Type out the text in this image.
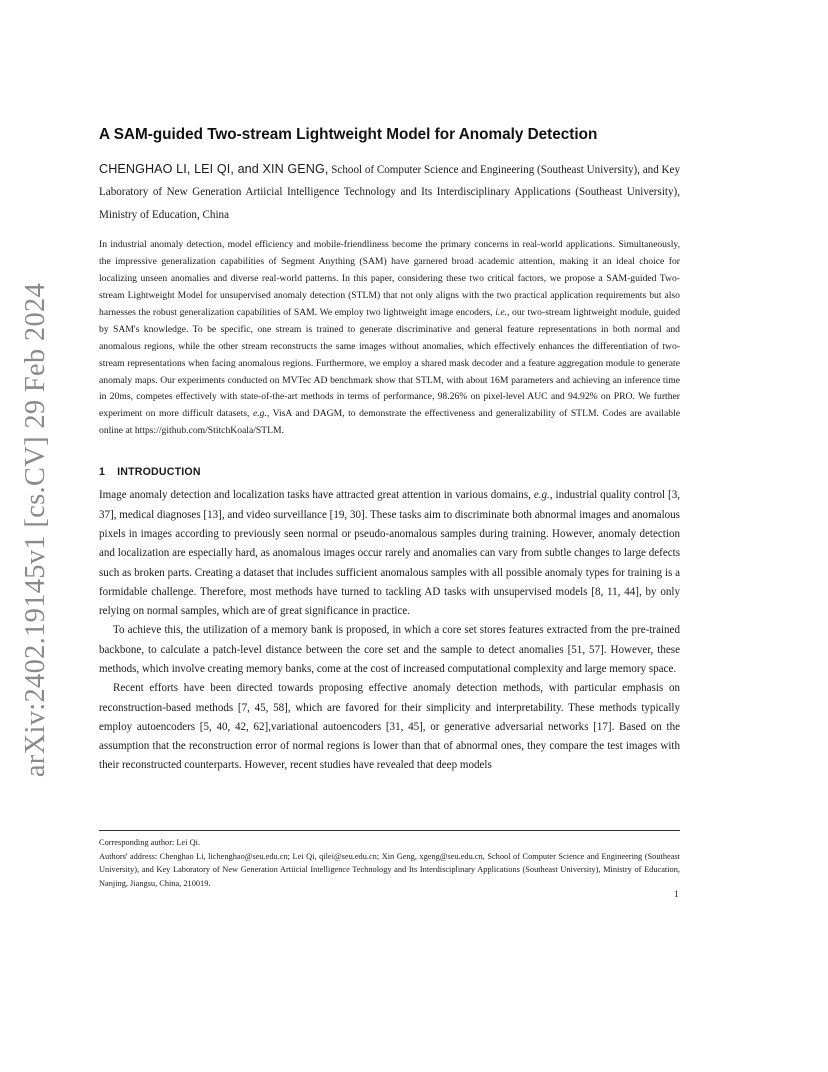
arXiv:2402.19145v1 [cs.CV] 29 Feb 2024
A SAM-guided Two-stream Lightweight Model for Anomaly Detection
CHENGHAO LI, LEI QI, and XIN GENG, School of Computer Science and Engineering (Southeast University), and Key Laboratory of New Generation Artiicial Intelligence Technology and Its Interdisciplinary Applications (Southeast University), Ministry of Education, China
In industrial anomaly detection, model efficiency and mobile-friendliness become the primary concerns in real-world applications. Simultaneously, the impressive generalization capabilities of Segment Anything (SAM) have garnered broad academic attention, making it an ideal choice for localizing unseen anomalies and diverse real-world patterns. In this paper, considering these two critical factors, we propose a SAM-guided Two-stream Lightweight Model for unsupervised anomaly detection (STLM) that not only aligns with the two practical application requirements but also harnesses the robust generalization capabilities of SAM. We employ two lightweight image encoders, i.e., our two-stream lightweight module, guided by SAM's knowledge. To be specific, one stream is trained to generate discriminative and general feature representations in both normal and anomalous regions, while the other stream reconstructs the same images without anomalies, which effectively enhances the differentiation of two-stream representations when facing anomalous regions. Furthermore, we employ a shared mask decoder and a feature aggregation module to generate anomaly maps. Our experiments conducted on MVTec AD benchmark show that STLM, with about 16M parameters and achieving an inference time in 20ms, competes effectively with state-of-the-art methods in terms of performance, 98.26% on pixel-level AUC and 94.92% on PRO. We further experiment on more difficult datasets, e.g., VisA and DAGM, to demonstrate the effectiveness and generalizability of STLM. Codes are available online at https://github.com/StitchKoala/STLM.
1 INTRODUCTION

Image anomaly detection and localization tasks have attracted great attention in various domains, e.g., industrial quality control [3, 37], medical diagnoses [13], and video surveillance [19, 30]. These tasks aim to discriminate both abnormal images and anomalous pixels in images according to previously seen normal or pseudo-anomalous samples during training. However, anomaly detection and localization are especially hard, as anomalous images occur rarely and anomalies can vary from subtle changes to large defects such as broken parts. Creating a dataset that includes sufficient anomalous samples with all possible anomaly types for training is a formidable challenge. Therefore, most methods have turned to tackling AD tasks with unsupervised models [8, 11, 44], by only relying on normal samples, which are of great significance in practice.

To achieve this, the utilization of a memory bank is proposed, in which a core set stores features extracted from the pre-trained backbone, to calculate a patch-level distance between the core set and the sample to detect anomalies [51, 57]. However, these methods, which involve creating memory banks, come at the cost of increased computational complexity and large memory space.

Recent efforts have been directed towards proposing effective anomaly detection methods, with particular emphasis on reconstruction-based methods [7, 45, 58], which are favored for their simplicity and interpretability. These methods typically employ autoencoders [5, 40, 42, 62],variational autoencoders [31, 45], or generative adversarial networks [17]. Based on the assumption that the reconstruction error of normal regions is lower than that of abnormal ones, they compare the test images with their reconstructed counterparts. However, recent studies have revealed that deep models

Corresponding author: Lei Qi.
Authors' address: Chenghao Li, lichenghao@seu.edu.cn; Lei Qi, qilei@seu.edu.cn; Xin Geng, xgeng@seu.edu.cn, School of Computer Science and Engineering (Southeast University), and Key Laboratory of New Generation Artiicial Intelligence Technology and Its Interdisciplinary Applications (Southeast University), Ministry of Education, Nanjing, Jiangsu, China, 210019.
1
